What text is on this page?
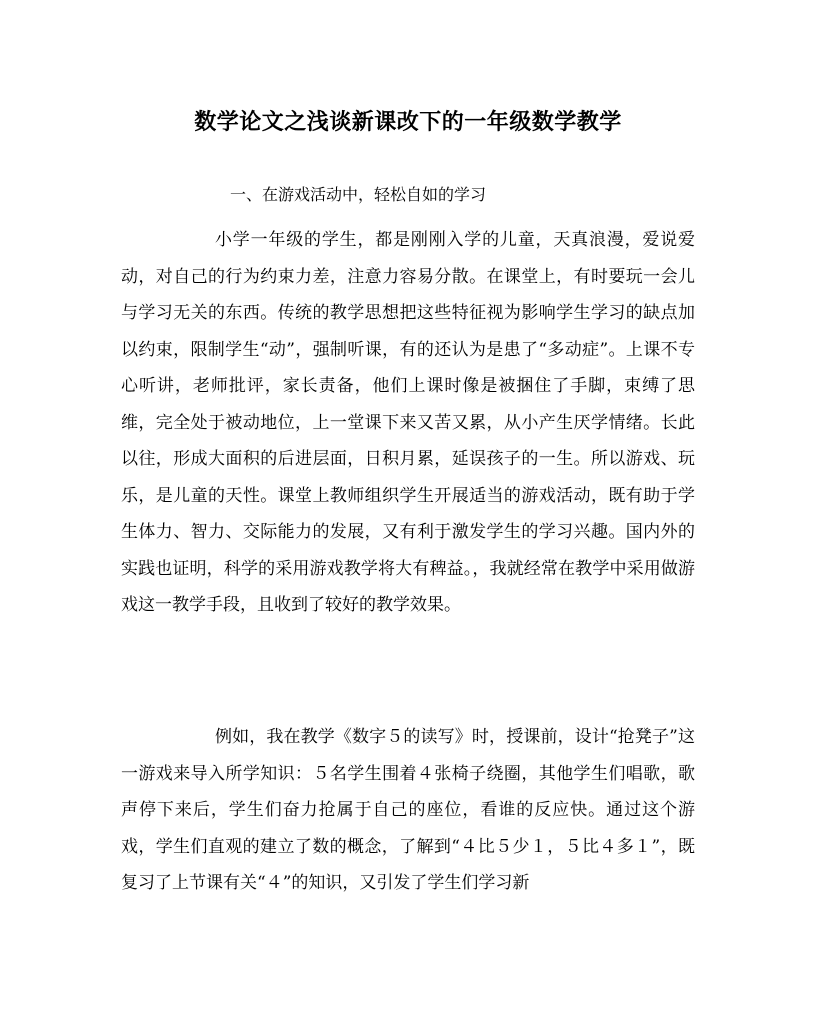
数学论文之浅谈新课改下的一年级数学教学
一、在游戏活动中，轻松自如的学习

小学一年级的学生，都是刚刚入学的儿童，天真浪漫，爱说爱动，对自己的行为约束力差，注意力容易分散。在课堂上，有时要玩一会儿与学习无关的东西。传统的教学思想把这些特征视为影响学生学习的缺点加以约束，限制学生“动”，强制听课，有的还认为是患了“多动症”。上课不专心听讲，老师批评，家长责备，他们上课时像是被捆住了手脚，束缚了思维，完全处于被动地位，上一堂课下来又苦又累，从小产生厌学情绪。长此以往，形成大面积的后进层面，日积月累，延误孩子的一生。所以游戏、玩乐，是儿童的天性。课堂上教师组织学生开展适当的游戏活动，既有助于学生体力、智力、交际能力的发展，又有利于激发学生的学习兴趣。国内外的实践也证明，科学的采用游戏教学将大有稗益。，我就经常在教学中采用做游戏这一教学手段，且收到了较好的教学效果。

例如，我在教学《数字５的读写》时，授课前，设计“抢凳子”这一游戏来导入所学知识：５名学生围着４张椅子绕圈，其他学生们唱歌，歌声停下来后，学生们奋力抢属于自己的座位，看谁的反应快。通过这个游戏，学生们直观的建立了数的概念，了解到“４比５少１，５比４多１”，既复习了上节课有关“４”的知识，又引发了学生们学习新
